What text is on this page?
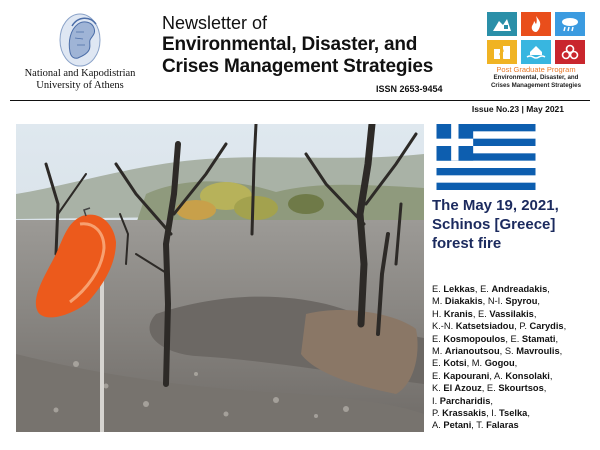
National and Kapodistrian
University of Athens
Newsletter of
Environmental, Disaster, and
Crises Management Strategies
ISSN 2653-9454
Post Graduate Program
Environmental, Disaster, and
Crises Management Strategies
Issue No.23 | May 2021
The May 19, 2021,
Schinos [Greece]
forest fire
E. Lekkas, E. Andreadakis,
M. Diakakis, N-I. Spyrou,
H. Kranis, E. Vassilakis,
K.-N. Katsetsiadou, P. Carydis,
E. Kosmopoulos, E. Stamati,
M. Arianoutsou, S. Mavroulis,
E. Kotsi, M. Gogou,
E. Kapourani, A. Konsolaki,
K. El Azouz, E. Skourtsos,
I. Parcharidis,
P. Krassakis, I. Tselka,
A. Petani, T. Falaras
